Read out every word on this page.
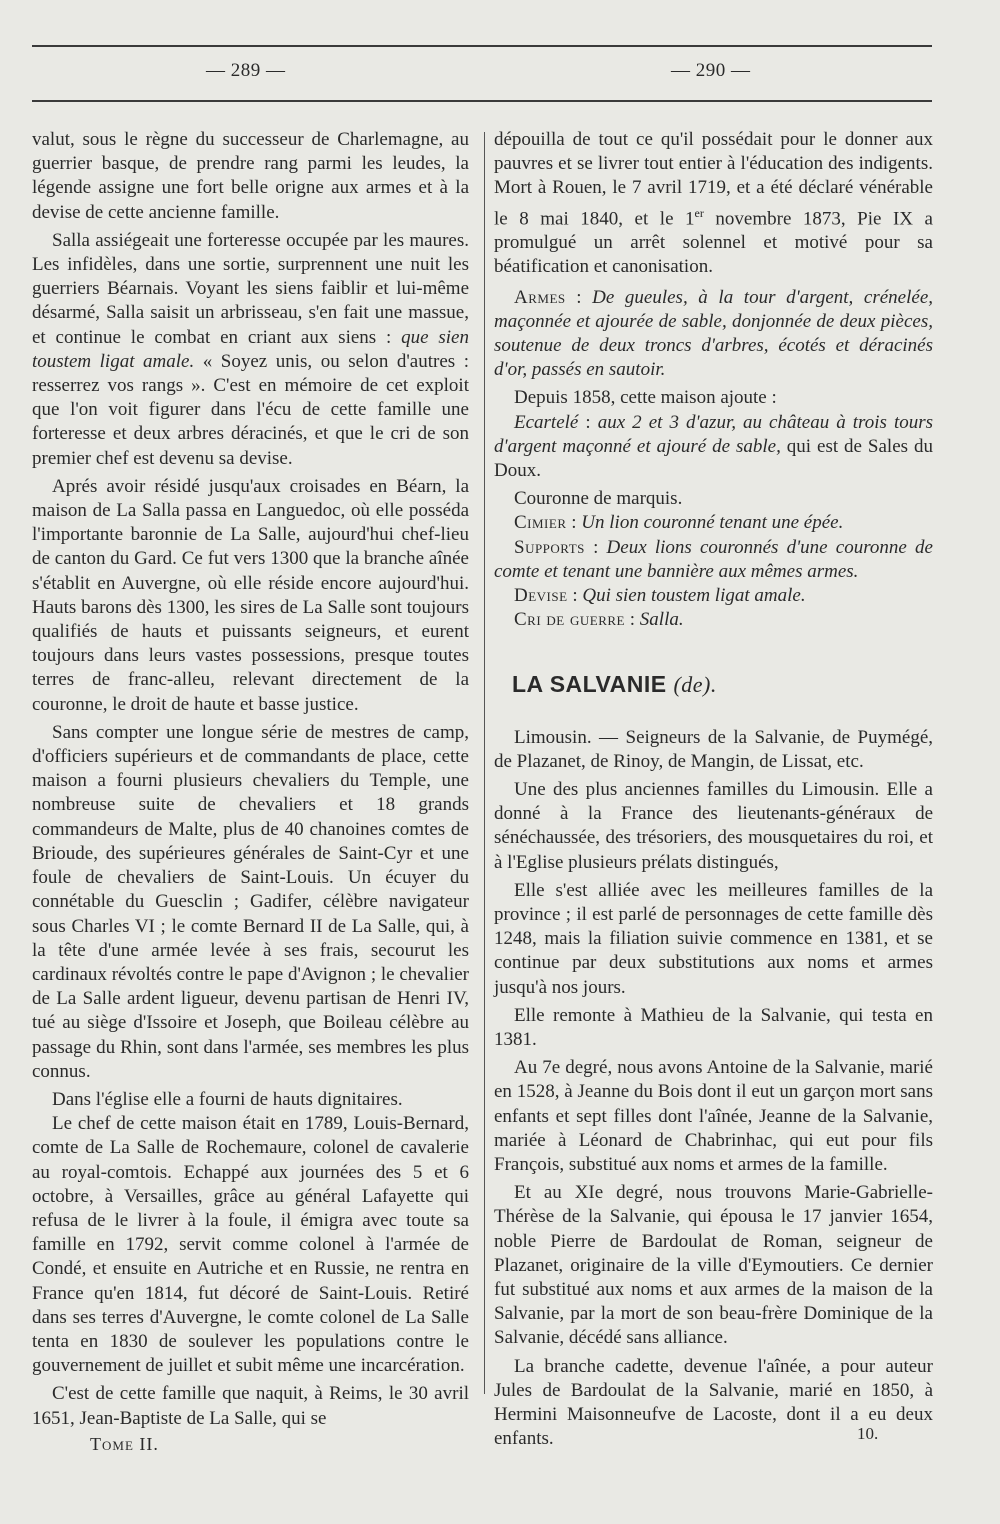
— 289 —	— 290 —

valut, sous le règne du successeur de Charlemagne, au guerrier basque, de prendre rang parmi les leudes, la légende assigne une fort belle origne aux armes et à la devise de cette ancienne famille.

Salla assiégeait une forteresse occupée par les maures. Les infidèles, dans une sortie, surprennent une nuit les guerriers Béarnais. Voyant les siens faiblir et lui-même désarmé, Salla saisit un arbrisseau, s'en fait une massue, et continue le combat en criant aux siens : que sien toustem ligat amale. « Soyez unis, ou selon d'autres : resserrez vos rangs ». C'est en mémoire de cet exploit que l'on voit figurer dans l'écu de cette famille une forteresse et deux arbres déracinés, et que le cri de son premier chef est devenu sa devise.

Aprés avoir résidé jusqu'aux croisades en Béarn, la maison de La Salla passa en Languedoc, où elle posséda l'importante baronnie de La Salle, aujourd'hui chef-lieu de canton du Gard. Ce fut vers 1300 que la branche aînée s'établit en Auvergne, où elle réside encore aujourd'hui. Hauts barons dès 1300, les sires de La Salle sont toujours qualifiés de hauts et puissants seigneurs, et eurent toujours dans leurs vastes possessions, presque toutes terres de franc-alleu, relevant directement de la couronne, le droit de haute et basse justice.

Sans compter une longue série de mestres de camp, d'officiers supérieurs et de commandants de place, cette maison a fourni plusieurs chevaliers du Temple, une nombreuse suite de chevaliers et 18 grands commandeurs de Malte, plus de 40 chanoines comtes de Brioude, des supérieures générales de Saint-Cyr et une foule de chevaliers de Saint-Louis. Un écuyer du connétable du Guesclin ; Gadifer, célèbre navigateur sous Charles VI ; le comte Bernard II de La Salle, qui, à la tête d'une armée levée à ses frais, secourut les cardinaux révoltés contre le pape d'Avignon ; le chevalier de La Salle ardent ligueur, devenu partisan de Henri IV, tué au siège d'Issoire et Joseph, que Boileau célèbre au passage du Rhin, sont dans l'armée, ses membres les plus connus.

Dans l'église elle a fourni de hauts dignitaires.

Le chef de cette maison était en 1789, Louis-Bernard, comte de La Salle de Rochemaure, colonel de cavalerie au royal-comtois. Echappé aux journées des 5 et 6 octobre, à Versailles, grâce au général Lafayette qui refusa de le livrer à la foule, il émigra avec toute sa famille en 1792, servit comme colonel à l'armée de Condé, et ensuite en Autriche et en Russie, ne rentra en France qu'en 1814, fut décoré de Saint-Louis. Retiré dans ses terres d'Auvergne, le comte colonel de La Salle tenta en 1830 de soulever les populations contre le gouvernement de juillet et subit même une incarcération.

C'est de cette famille que naquit, à Reims, le 30 avril 1651, Jean-Baptiste de La Salle, qui se

dépouilla de tout ce qu'il possédait pour le donner aux pauvres et se livrer tout entier à l'éducation des indigents. Mort à Rouen, le 7 avril 1719, et a été déclaré vénérable le 8 mai 1840, et le 1er novembre 1873, Pie IX a promulgué un arrêt solennel et motivé pour sa béatification et canonisation.

Armes : De gueules, à la tour d'argent, crénelée, maçonnée et ajourée de sable, donjonnée de deux pièces, soutenue de deux troncs d'arbres, écotés et déracinés d'or, passés en sautoir.

Depuis 1858, cette maison ajoute :

Ecartelé : aux 2 et 3 d'azur, au château à trois tours d'argent maçonné et ajouré de sable, qui est de Sales du Doux.

Couronne de marquis.

Cimier : Un lion couronné tenant une épée.

Supports : Deux lions couronnés d'une couronne de comte et tenant une bannière aux mêmes armes.

Devise : Qui sien toustem ligat amale.

Cri de guerre : Salla.

LA SALVANIE (de).

Limousin. — Seigneurs de la Salvanie, de Puymégé, de Plazanet, de Rinoy, de Mangin, de Lissat, etc.

Une des plus anciennes familles du Limousin. Elle a donné à la France des lieutenants-généraux de sénéchaussée, des trésoriers, des mousquetaires du roi, et à l'Eglise plusieurs prélats distingués,

Elle s'est alliée avec les meilleures familles de la province ; il est parlé de personnages de cette famille dès 1248, mais la filiation suivie commence en 1381, et se continue par deux substitutions aux noms et armes jusqu'à nos jours.

Elle remonte à Mathieu de la Salvanie, qui testa en 1381.

Au 7e degré, nous avons Antoine de la Salvanie, marié en 1528, à Jeanne du Bois dont il eut un garçon mort sans enfants et sept filles dont l'aînée, Jeanne de la Salvanie, mariée à Léonard de Chabrinhac, qui eut pour fils François, substitué aux noms et armes de la famille.

Et au XIe degré, nous trouvons Marie-Gabrielle-Thérèse de la Salvanie, qui épousa le 17 janvier 1654, noble Pierre de Bardoulat de Roman, seigneur de Plazanet, originaire de la ville d'Eymoutiers. Ce dernier fut substitué aux noms et aux armes de la maison de la Salvanie, par la mort de son beau-frère Dominique de la Salvanie, décédé sans alliance.

La branche cadette, devenue l'aînée, a pour auteur Jules de Bardoulat de la Salvanie, marié en 1850, à Hermini Maisonneufve de Lacoste, dont il a eu deux enfants.

Tome II.
10.
